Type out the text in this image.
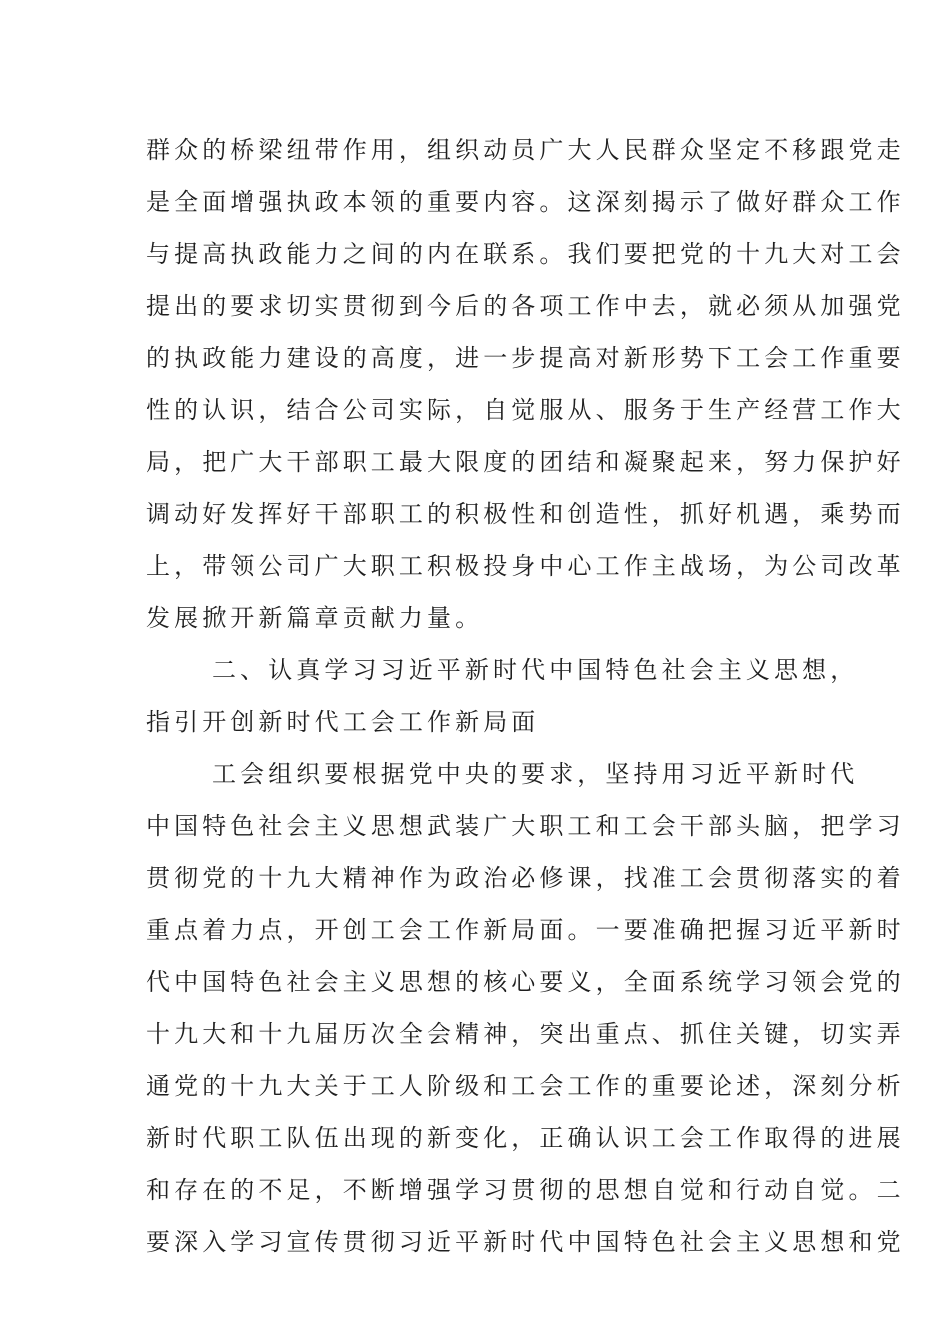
群众的桥梁纽带作用，组织动员广大人民群众坚定不移跟党走
是全面增强执政本领的重要内容。这深刻揭示了做好群众工作
与提高执政能力之间的内在联系。我们要把党的十九大对工会
提出的要求切实贯彻到今后的各项工作中去，就必须从加强党
的执政能力建设的高度，进一步提高对新形势下工会工作重要
性的认识，结合公司实际，自觉服从、服务于生产经营工作大
局，把广大干部职工最大限度的团结和凝聚起来，努力保护好
调动好发挥好干部职工的积极性和创造性，抓好机遇，乘势而
上，带领公司广大职工积极投身中心工作主战场，为公司改革
发展掀开新篇章贡献力量。
二、认真学习习近平新时代中国特色社会主义思想，
指引开创新时代工会工作新局面
工会组织要根据党中央的要求，坚持用习近平新时代
中国特色社会主义思想武装广大职工和工会干部头脑，把学习
贯彻党的十九大精神作为政治必修课，找准工会贯彻落实的着
重点着力点，开创工会工作新局面。一要准确把握习近平新时
代中国特色社会主义思想的核心要义，全面系统学习领会党的
十九大和十九届历次全会精神，突出重点、抓住关键，切实弄
通党的十九大关于工人阶级和工会工作的重要论述，深刻分析
新时代职工队伍出现的新变化，正确认识工会工作取得的进展
和存在的不足，不断增强学习贯彻的思想自觉和行动自觉。二
要深入学习宣传贯彻习近平新时代中国特色社会主义思想和党
